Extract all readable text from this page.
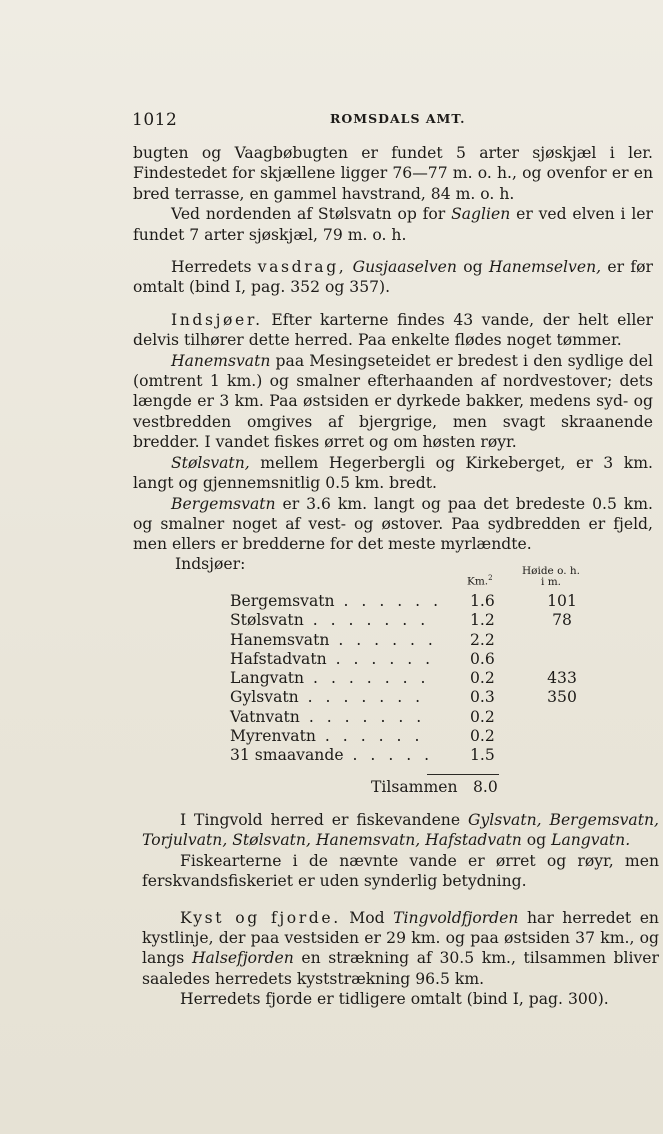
1012	ROMSDALS AMT.

bugten og Vaagbøbugten er fundet 5 arter sjøskjæl i ler. Findestedet for skjællene ligger 76—77 m. o. h., og ovenfor er en bred terrasse, en gammel havstrand, 84 m. o. h.

Ved nordenden af Stølsvatn op for Saglien er ved elven i ler fundet 7 arter sjøskjæl, 79 m. o. h.

Herredets vasdrag, Gusjaaselven og Hanemselven, er før omtalt (bind I, pag. 352 og 357).

Indsjøer. Efter karterne findes 43 vande, der helt eller delvis tilhører dette herred. Paa enkelte flødes noget tømmer.

Hanemsvatn paa Mesingseteidet er bredest i den sydlige del (omtrent 1 km.) og smalner efterhaanden af nordvestover; dets længde er 3 km. Paa østsiden er dyrkede bakker, medens syd- og vestbredden omgives af bjergrige, men svagt skraanende bredder. I vandet fiskes ørret og om høsten røyr.

Stølsvatn, mellem Hegerbergli og Kirkeberget, er 3 km. langt og gjennemsnitlig 0.5 km. bredt.

Bergemsvatn er 3.6 km. langt og paa det bredeste 0.5 km. og smalner noget af vest- og østover. Paa sydbredden er fjeld, men ellers er bredderne for det meste myrlændte.

Indsjøer:
Km.$^2$
Høide o. h.
i m.
Bergemsvatn . . . . . . 1.6	101
Stølsvatn . . . . . . .	1.2	78
Hanemsvatn . . . . . . 2.2
Hafstadvatn . . . . . . 0.6
Langvatn . . . . . . .	0.2	433
Gylsvatn . . . . . . .	0.3	350
Vatnvatn . . . . . . .	0.2
Myrenvatn . . . . . .	0.2
31 smaavande . . . . . 1.5
Tilsammen 8.0

I Tingvold herred er fiskevandene Gylsvatn, Bergemsvatn, Torjulvatn, Stølsvatn, Hanemsvatn, Hafstadvatn og Langvatn.

Fiskearterne i de nævnte vande er ørret og røyr, men ferskvandsfiskeriet er uden synderlig betydning.

Kyst og fjorde. Mod Tingvoldfjorden har herredet en kystlinje, der paa vestsiden er 29 km. og paa østsiden 37 km., og langs Halsefjorden en strækning af 30.5 km., tilsammen bliver saaledes herredets kyststrækning 96.5 km.

Herredets fjorde er tidligere omtalt (bind I, pag. 300).
